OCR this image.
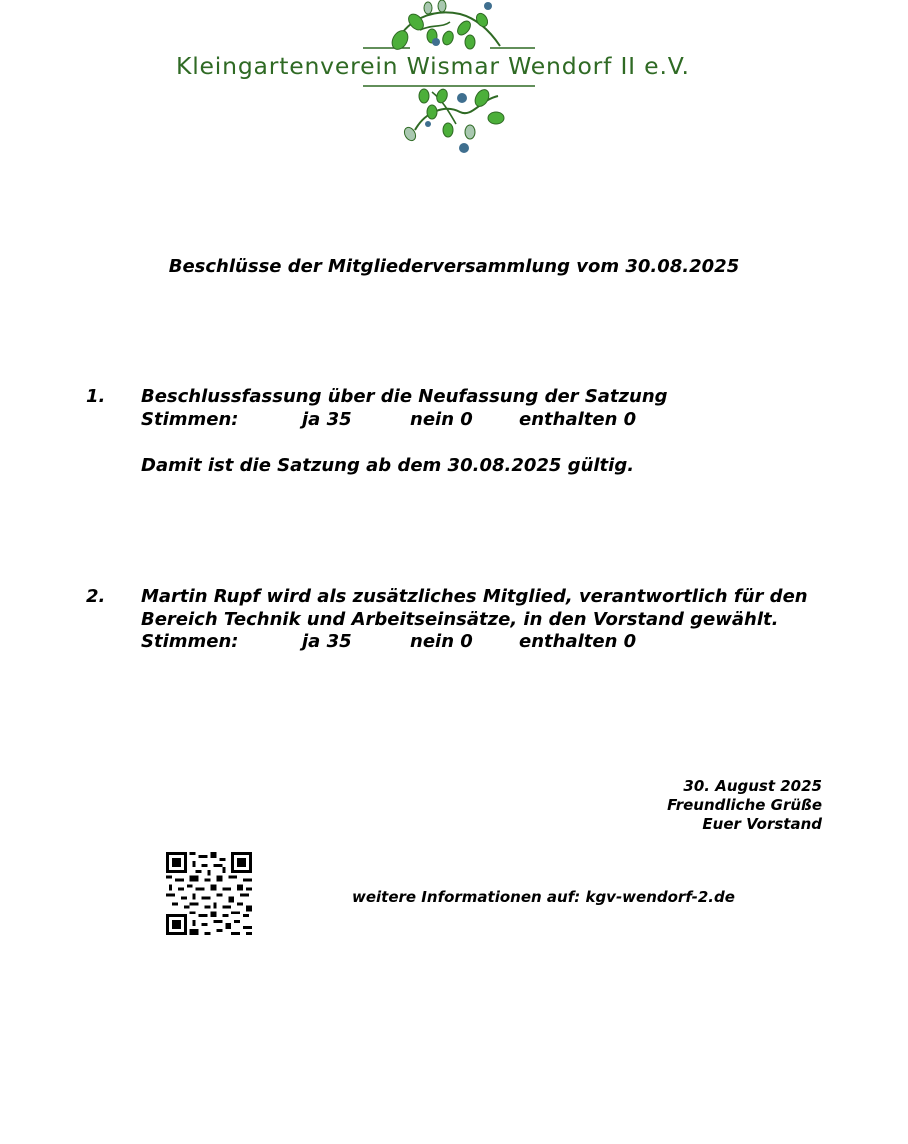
Kleingartenverein Wismar Wendorf II e.V.
Beschlüsse der Mitgliederversammlung vom 30.08.2025
1. Beschlussfassung über die Neufassung der Satzung
Stimmen:	ja 35	nein 0	enthalten 0
Damit ist die Satzung ab dem 30.08.2025 gültig.
2. Martin Rupf wird als zusätzliches Mitglied, verantwortlich für den
Bereich Technik und Arbeitseinsätze, in den Vorstand gewählt.
Stimmen:	ja 35	nein 0	enthalten 0
30. August 2025
Freundliche Grüße
Euer Vorstand
weitere Informationen auf: kgv-wendorf-2.de
